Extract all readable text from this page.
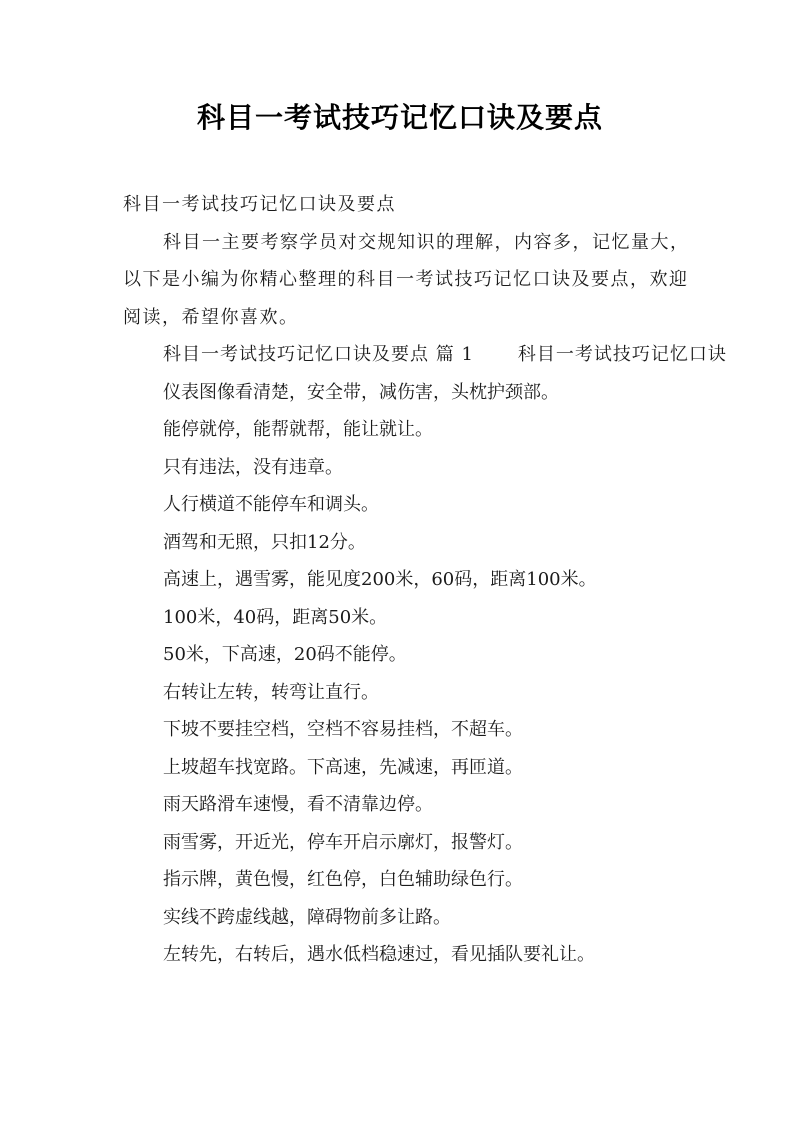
科目一考试技巧记忆口诀及要点

科目一考试技巧记忆口诀及要点

科目一主要考察学员对交规知识的理解，内容多，记忆量大，以下是小编为你精心整理的科目一考试技巧记忆口诀及要点，欢迎阅读，希望你喜欢。

科目一考试技巧记忆口诀及要点 篇 1 科目一考试技巧记忆口诀

仪表图像看清楚，安全带，减伤害，头枕护颈部。

能停就停，能帮就帮，能让就让。

只有违法，没有违章。

人行横道不能停车和调头。

酒驾和无照，只扣12分。

高速上，遇雪雾，能见度200米，60码，距离100米。

100米，40码，距离50米。

50米，下高速，20码不能停。

右转让左转，转弯让直行。

下坡不要挂空档，空档不容易挂档，不超车。

上坡超车找宽路。下高速，先减速，再匝道。

雨天路滑车速慢，看不清靠边停。

雨雪雾，开近光，停车开启示廓灯，报警灯。

指示牌，黄色慢，红色停，白色辅助绿色行。

实线不跨虚线越，障碍物前多让路。

左转先，右转后，遇水低档稳速过，看见插队要礼让。
